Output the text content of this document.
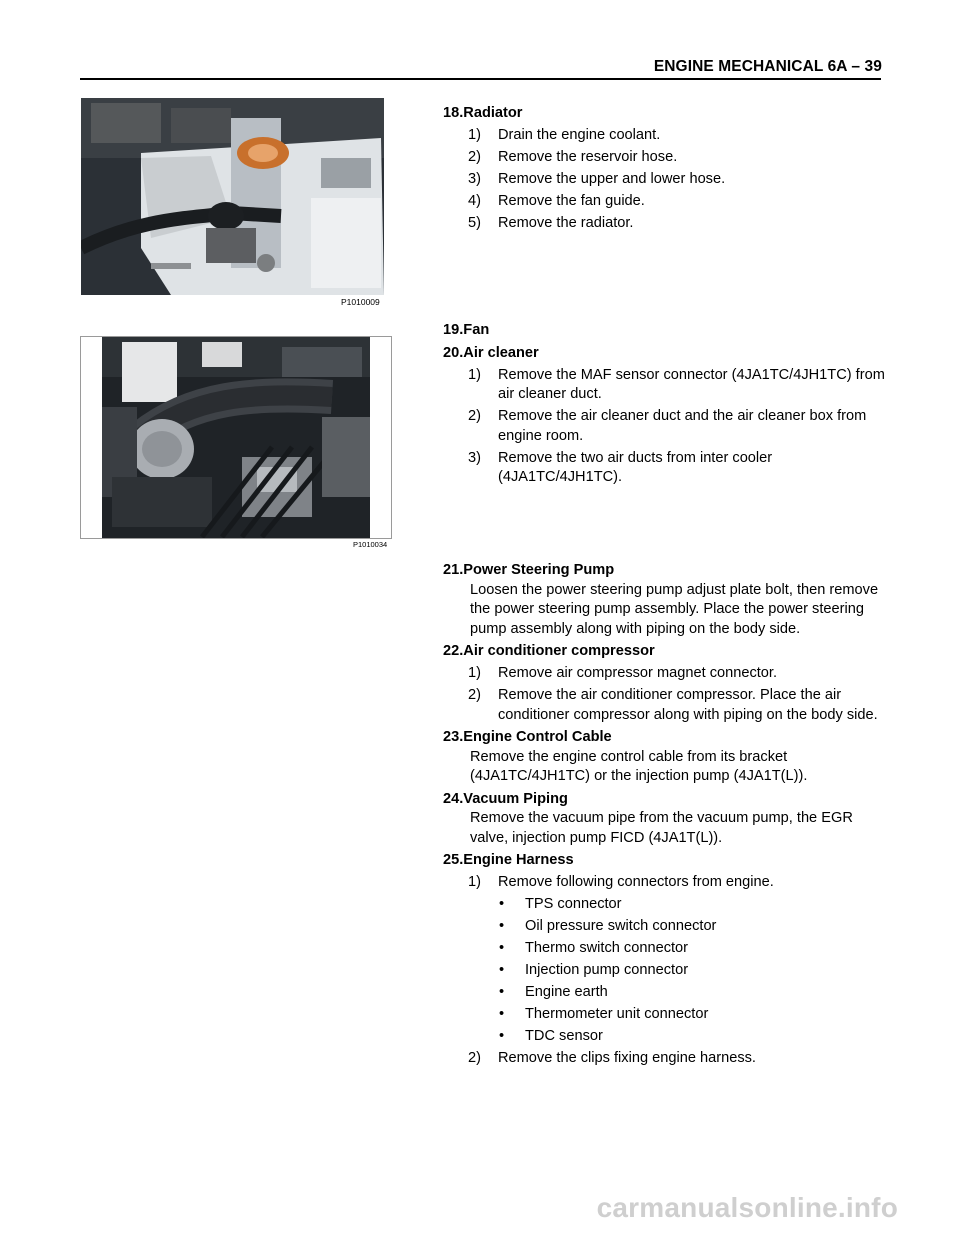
ENGINE MECHANICAL 6A – 39
P1010009
P1010034
18.Radiator
1)	Drain the engine coolant.
2)	Remove the reservoir hose.
3)	Remove the upper and lower hose.
4)	Remove the fan guide.
5)	Remove the radiator.
19.Fan
20.Air cleaner
1)	Remove the MAF sensor connector (4JA1TC/4JH1TC) from air cleaner duct.
2)	Remove the air cleaner duct and the air cleaner box from engine room.
3)	Remove the two air ducts from inter cooler (4JA1TC/4JH1TC).
21.Power Steering Pump
Loosen the power steering pump adjust plate bolt, then remove the power steering pump assembly. Place the power steering pump assembly along with piping on the body side.
22.Air conditioner compressor
1)	Remove air compressor magnet connector.
2)	Remove the air conditioner compressor. Place the air conditioner compressor along with piping on the body side.
23.Engine Control Cable
Remove the engine control cable from its bracket (4JA1TC/4JH1TC) or the injection pump (4JA1T(L)).
24.Vacuum Piping
Remove the vacuum pipe from the vacuum pump, the EGR valve, injection pump FICD (4JA1T(L)).
25.Engine Harness
1)	Remove following connectors from engine.
•	TPS connector
•	Oil pressure switch connector
•	Thermo switch connector
•	Injection pump connector
•	Engine earth
•	Thermometer unit connector
•	TDC sensor
2)	Remove the clips fixing engine harness.
carmanualsonline.info
